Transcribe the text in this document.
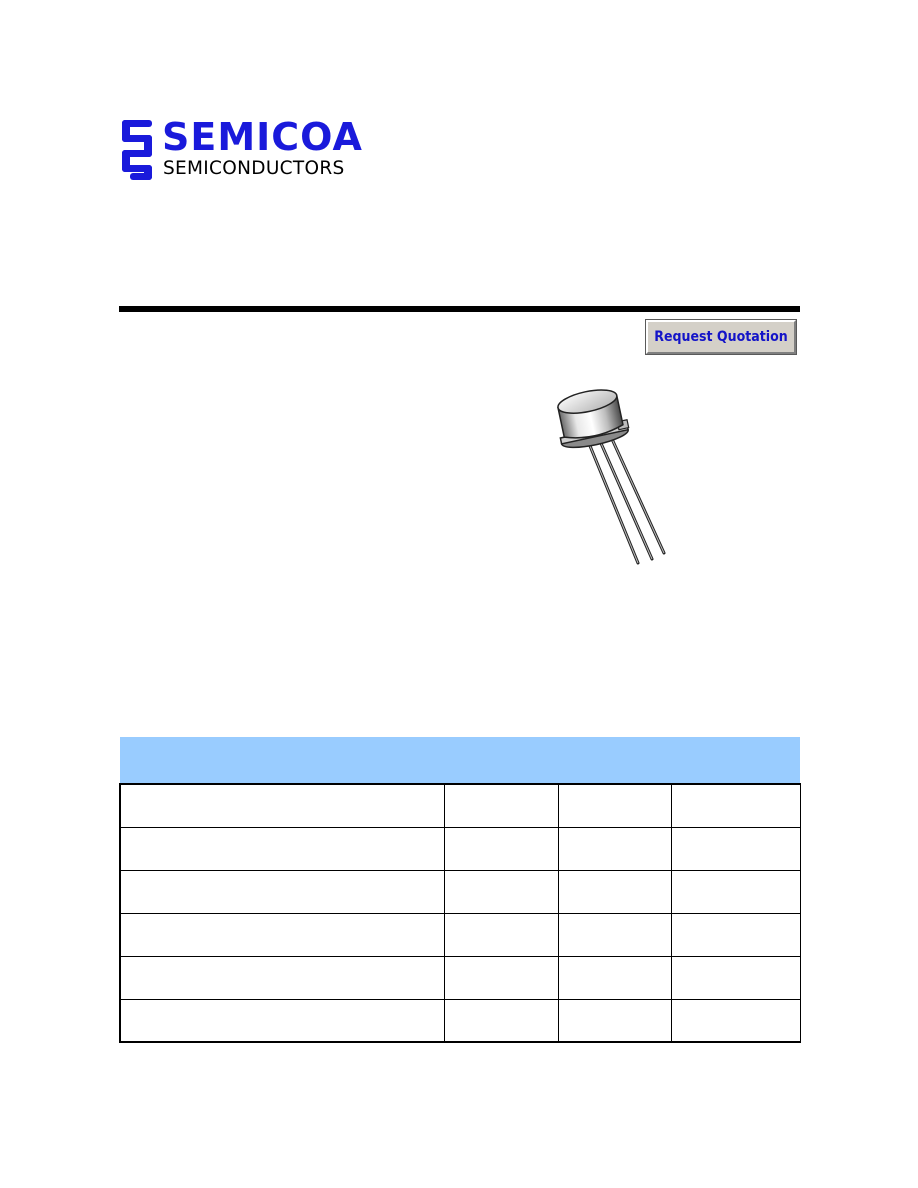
SEMICOA
SEMICONDUCTORS
Request Quotation
